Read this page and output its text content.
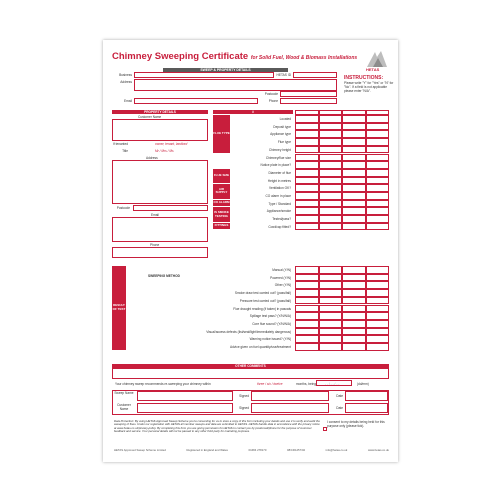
Chimney Sweeping Certificate for Solid Fuel, Wood & Biomass Installations
HETAS
SWEEP & PROPERTY DETAILS
Business	HETAS ID
Address
Postcode
Email	Phone
INSTRUCTIONS:
Please write "Y" for "Yes" or "N" for "No". If a field is not applicable please enter "N/A".
PROPERTY DETAILS
Customer Name
If tenanted	owner, tenant, landlord
Title	Mr / Mrs / Ms
Address
Postcode
Email
Phone
#
OTHER COMMENTS
Your chimney sweep recommends re-sweeping your chimney within	three / six / twelve	months, being	- - / - - / - -	(dd/mm)
Sweep Name
Signed	Date
Customer Name	Signed	Date
Data Protection: By using HETAS Approved Sweep Scheme you're consenting for us to store a copy of this form including your details and use it to verify and audit the sweeping of flues. Under our registration with HETAS all member sweeps and data are submitted to HETAS. HETAS handle data in accordance with the privacy notice at www.hetas.co.uk/privacy-policy. By completing this form you are giving permission for HETAS to contact you by post/email/phone for the purpose of customer feedback and service. Your personal details will not be passed to any other third party for marketing purposes.
I consent to my details being held for this purpose only (please tick).
HETAS Approved Sweep Scheme Limited	Registered in England and Wales	01684 278170	08/CR1257/02	info@hetas.co.uk	www.hetas.co.uk
Located
Deposit type
Appliance type
Flue type
Chimney height
FLUE TYPE
Chimney/flue size
Notice plate in place?
Diameter of flue
Height in metres
FLUE SIZE
Ventilation OK?
CO alarm in place
AIR SUPPLY
Type / Standard
CO ALARM
Appliance/smoke
Tested/pass?
IS SMOKE TESTING
Cowl/cap fitted?
FITTINGS
Manual (Y/N)
Powered (Y/N)
Other (Y/N)
SWEEPING METHOD
Smoke draw test carried out? (pass/fail)
Pressure test carried out? (pass/fail)
Flue draught reading (if taken) in pascals
Spillage test pass? (Y/N/N/A)
Core flue sound? (Y/N/N/A)
Visual/access defects (list/seal/light/immediately dangerous)
Warning notice issued? (Y/N)
Advice given on fuel quantity/use/treatment
RESULT OF TEST
